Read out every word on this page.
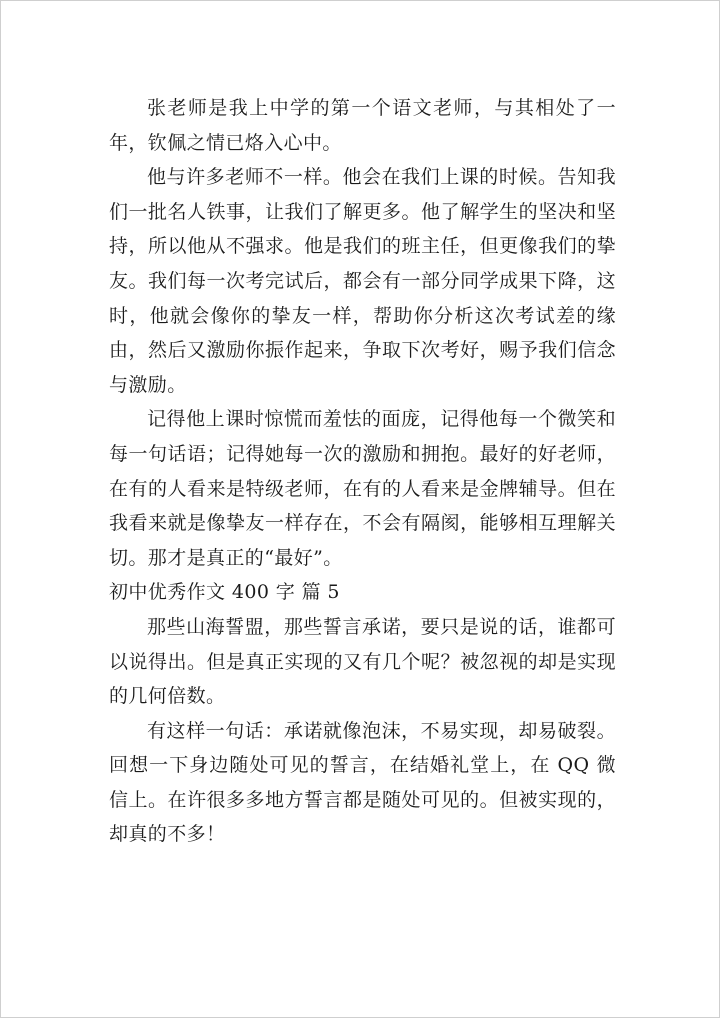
张老师是我上中学的第一个语文老师，与其相处了一年，钦佩之情已烙入心中。

他与许多老师不一样。他会在我们上课的时候。告知我们一批名人铁事，让我们了解更多。他了解学生的坚决和坚持，所以他从不强求。他是我们的班主任，但更像我们的挚友。我们每一次考完试后，都会有一部分同学成果下降，这时，他就会像你的挚友一样，帮助你分析这次考试差的缘由，然后又激励你振作起来，争取下次考好，赐予我们信念与激励。

记得他上课时惊慌而羞怯的面庞，记得他每一个微笑和每一句话语；记得她每一次的激励和拥抱。最好的好老师，在有的人看来是特级老师，在有的人看来是金牌辅导。但在我看来就是像挚友一样存在，不会有隔阂，能够相互理解关切。那才是真正的“最好”。

初中优秀作文 400 字 篇 5

那些山海誓盟，那些誓言承诺，要只是说的话，谁都可以说得出。但是真正实现的又有几个呢？被忽视的却是实现的几何倍数。

有这样一句话：承诺就像泡沫，不易实现，却易破裂。回想一下身边随处可见的誓言，在结婚礼堂上，在 QQ 微信上。在许很多多地方誓言都是随处可见的。但被实现的，却真的不多！
